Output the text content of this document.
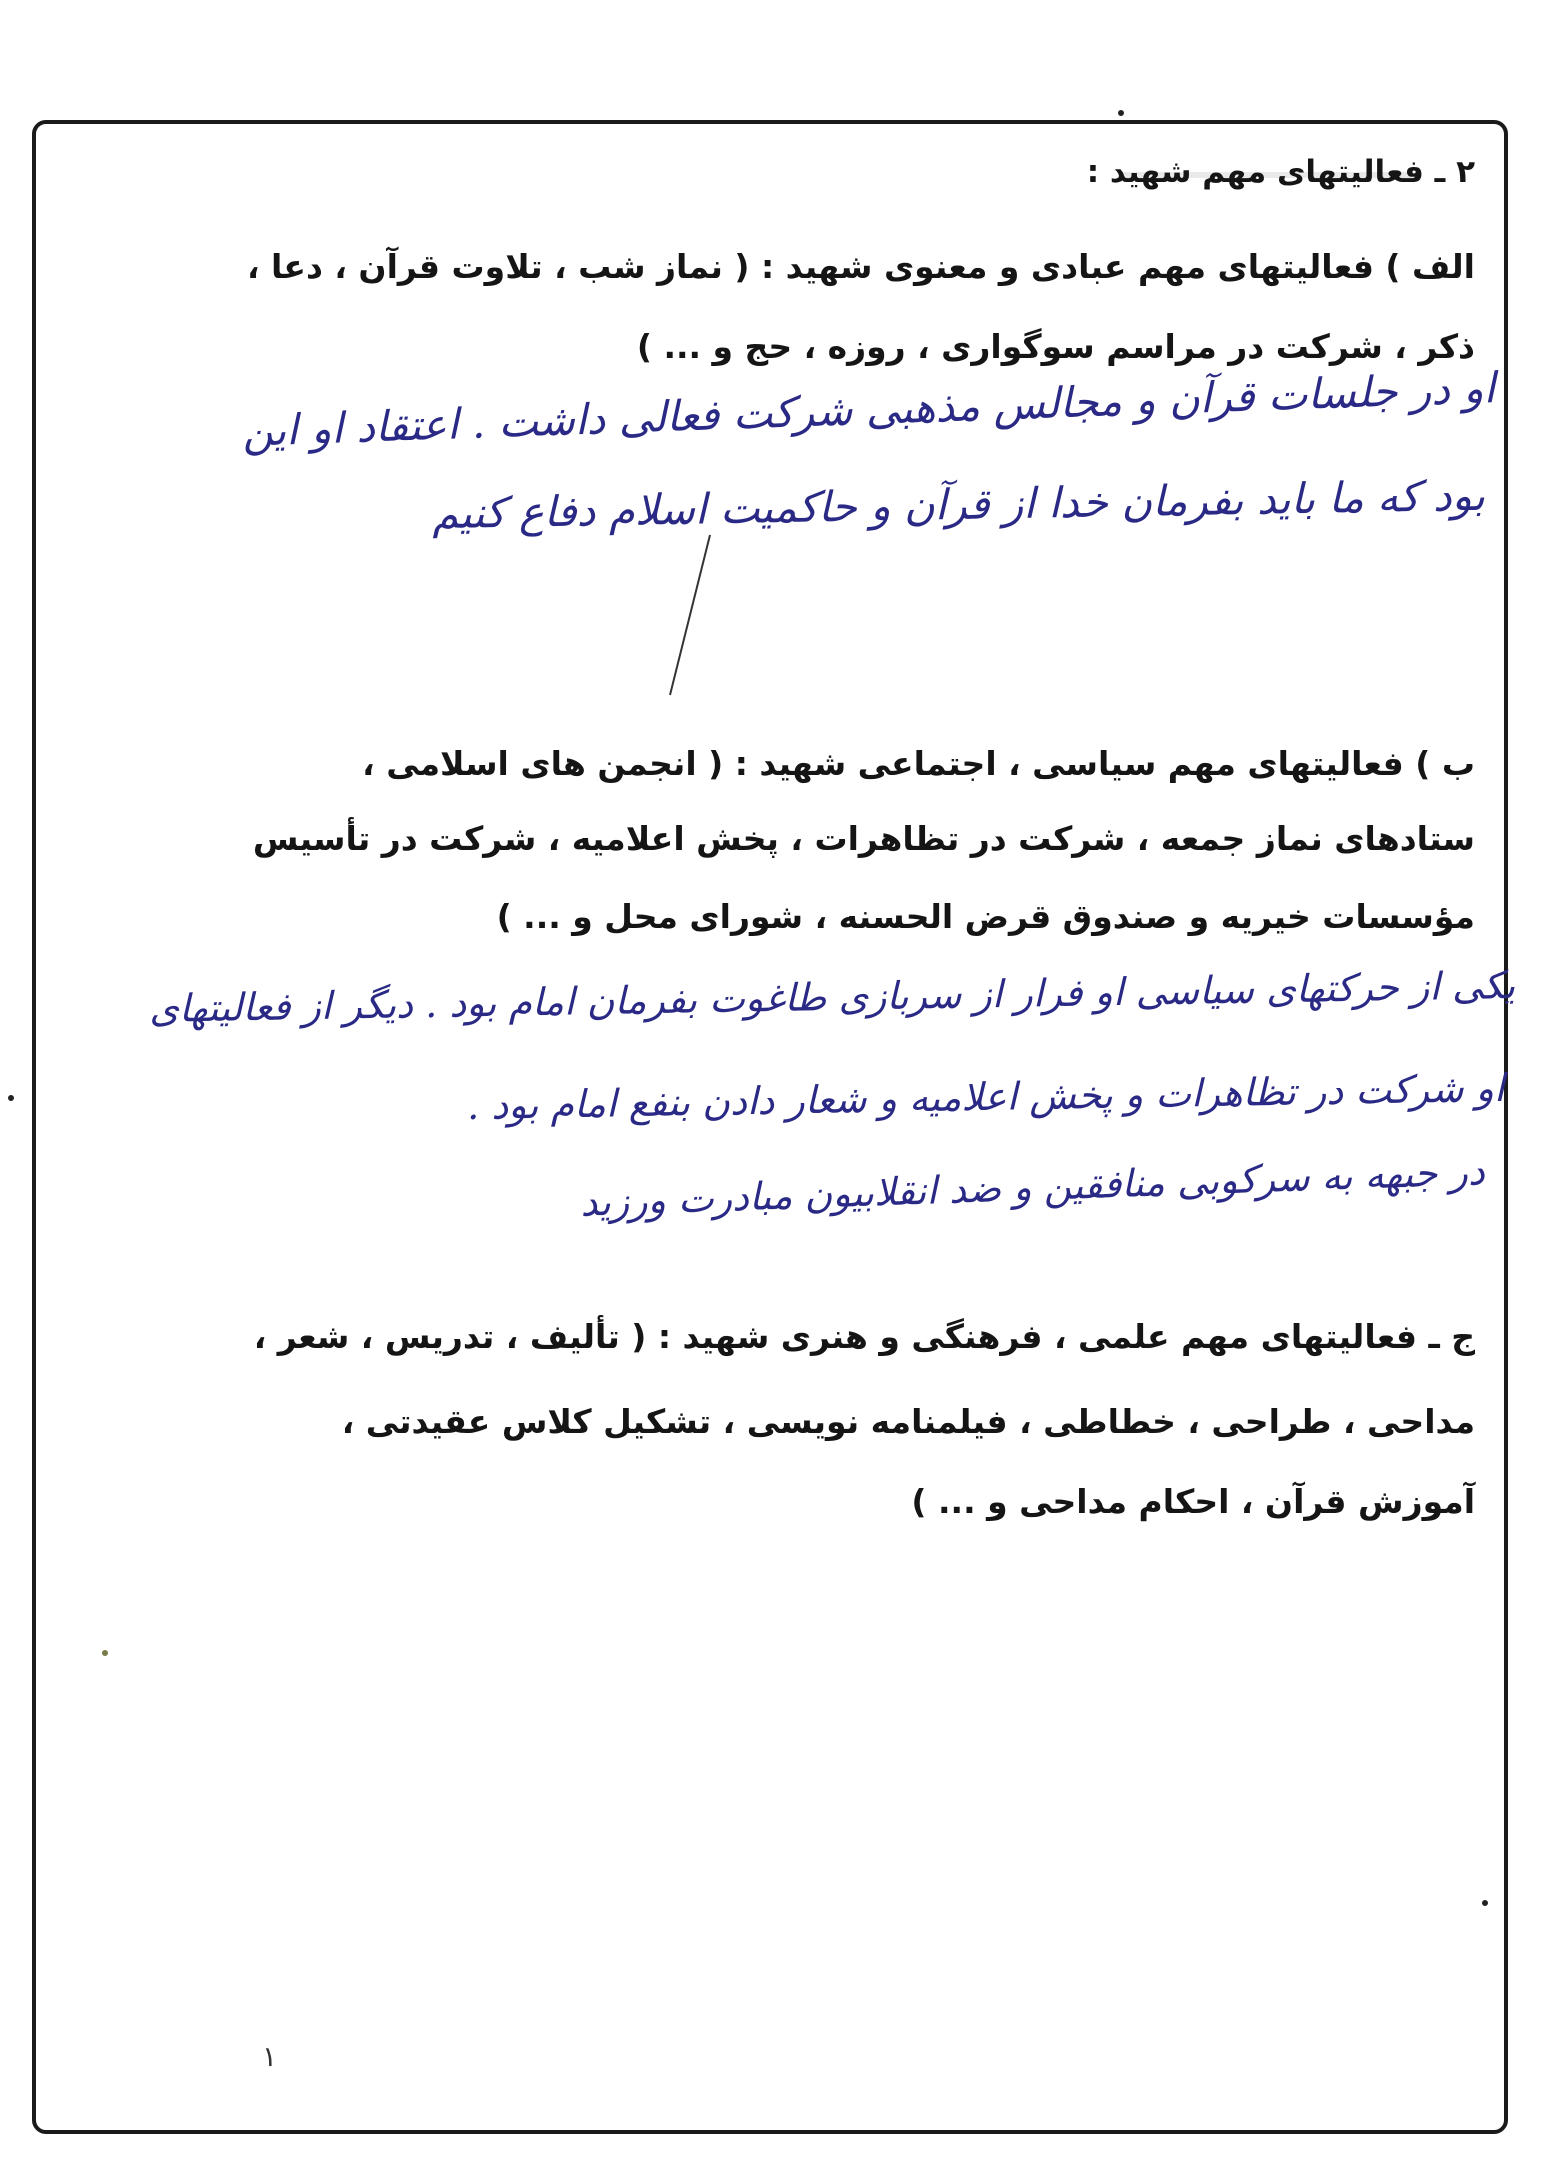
۲ ـ فعالیتهای مهم شهید :
الف ) فعالیتهای مهم عبادی و معنوی شهید : ( نماز شب ، تلاوت قرآن ، دعا ،
ذکر ، شرکت در مراسم سوگواری ، روزه ، حج و ... )
او در جلسات قرآن و مجالس مذهبی شرکت فعالی داشت . اعتقاد او این
بود که ما باید بفرمان خدا از قرآن و حاکمیت اسلام دفاع کنیم
ب ) فعالیتهای مهم سیاسی ، اجتماعی شهید : ( انجمن های اسلامی ،
ستادهای نماز جمعه ، شرکت در تظاهرات ، پخش اعلامیه ، شرکت در تأسیس
مؤسسات خیریه و صندوق قرض الحسنه ، شورای محل و ... )
یکی از حرکتهای سیاسی او فرار از سربازی طاغوت بفرمان امام بود . دیگر از فعالیتهای
او شرکت در تظاهرات و پخش اعلامیه و شعار دادن بنفع امام بود .
در جبهه به سرکوبی منافقین و ضد انقلابیون مبادرت ورزید
ج ـ فعالیتهای مهم علمی ، فرهنگی و هنری شهید : ( تألیف ، تدریس ، شعر ،
مداحی ، طراحی ، خطاطی ، فیلمنامه نویسی ، تشکیل کلاس عقیدتی ،
آموزش قرآن ، احکام مداحی و ... )
۱
